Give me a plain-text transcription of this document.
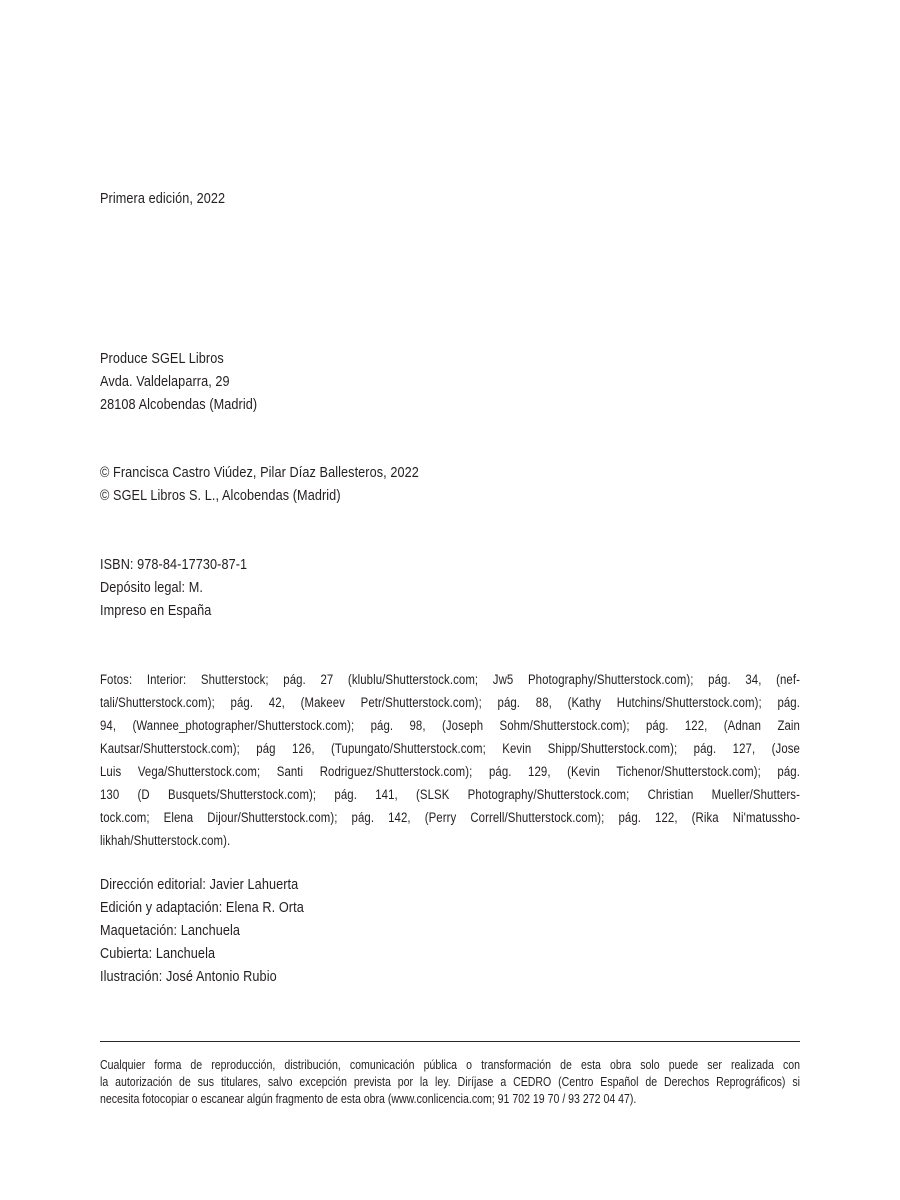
Primera edición, 2022
Produce SGEL Libros
Avda. Valdelaparra, 29
28108 Alcobendas (Madrid)
© Francisca Castro Viúdez, Pilar Díaz Ballesteros, 2022
© SGEL Libros S. L., Alcobendas (Madrid)
ISBN: 978-84-17730-87-1
Depósito legal: M.
Impreso en España
Fotos: Interior: Shutterstock; pág. 27 (klublu/Shutterstock.com; Jw5 Photography/Shutterstock.com); pág. 34, (nef-
tali/Shutterstock.com); pág. 42, (Makeev Petr/Shutterstock.com); pág. 88, (Kathy Hutchins/Shutterstock.com); pág.
94, (Wannee_photographer/Shutterstock.com); pág. 98, (Joseph Sohm/Shutterstock.com); pág. 122, (Adnan Zain
Kautsar/Shutterstock.com); pág 126, (Tupungato/Shutterstock.com; Kevin Shipp/Shutterstock.com); pág. 127, (Jose
Luis Vega/Shutterstock.com; Santi Rodriguez/Shutterstock.com); pág. 129, (Kevin Tichenor/Shutterstock.com); pág.
130 (D Busquets/Shutterstock.com); pág. 141, (SLSK Photography/Shutterstock.com; Christian Mueller/Shutters-
tock.com; Elena Dijour/Shutterstock.com); pág. 142, (Perry Correll/Shutterstock.com); pág. 122, (Rika Ni'matussho-
likhah/Shutterstock.com).
Dirección editorial: Javier Lahuerta
Edición y adaptación: Elena R. Orta
Maquetación: Lanchuela
Cubierta: Lanchuela
Ilustración: José Antonio Rubio
Cualquier forma de reproducción, distribución, comunicación pública o transformación de esta obra solo puede ser realizada con
la autorización de sus titulares, salvo excepción prevista por la ley. Diríjase a CEDRO (Centro Español de Derechos Reprográficos) si
necesita fotocopiar o escanear algún fragmento de esta obra (www.conlicencia.com; 91 702 19 70 / 93 272 04 47).
